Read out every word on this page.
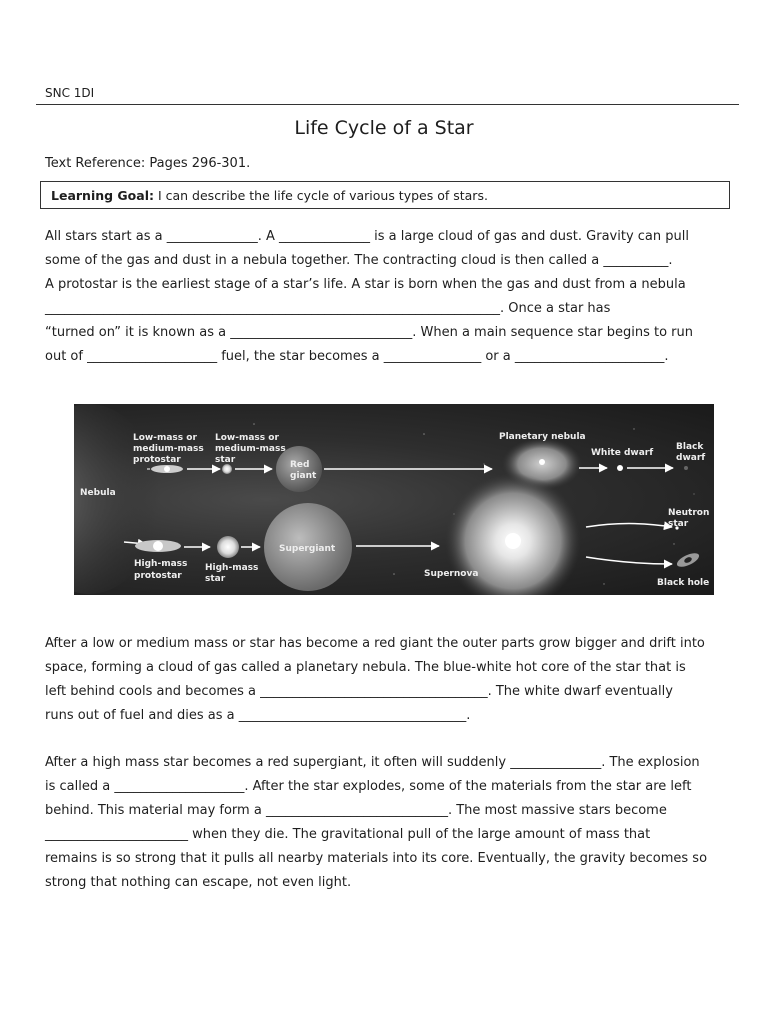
SNC 1DI
Life Cycle of a Star
Text Reference: Pages 296-301.
Learning Goal: I can describe the life cycle of various types of stars.
All stars start as a ______________. A ______________ is a large cloud of gas and dust. Gravity can pull
some of the gas and dust in a nebula together. The contracting cloud is then called a __________.
A protostar is the earliest stage of a star’s life. A star is born when the gas and dust from a nebula
______________________________________________________________________. Once a star has
“turned on” it is known as a ____________________________. When a main sequence star begins to run
out of ____________________ fuel, the star becomes a _______________ or a _______________________.
Nebula
Low-mass or
medium-mass
protostar
Low-mass or
medium-mass
star	Red
giant
Planetary nebula
White dwarf
Black
dwarf
Neutron
star
High-mass
protostar
High-mass
star
Supergiant
Supernova
Black hole
After a low or medium mass or star has become a red giant the outer parts grow bigger and drift into
space, forming a cloud of gas called a planetary nebula. The blue-white hot core of the star that is
left behind cools and becomes a ___________________________________. The white dwarf eventually
runs out of fuel and dies as a ___________________________________.
After a high mass star becomes a red supergiant, it often will suddenly ______________. The explosion
is called a ____________________. After the star explodes, some of the materials from the star are left
behind. This material may form a ____________________________. The most massive stars become
______________________ when they die. The gravitational pull of the large amount of mass that
remains is so strong that it pulls all nearby materials into its core. Eventually, the gravity becomes so
strong that nothing can escape, not even light.
